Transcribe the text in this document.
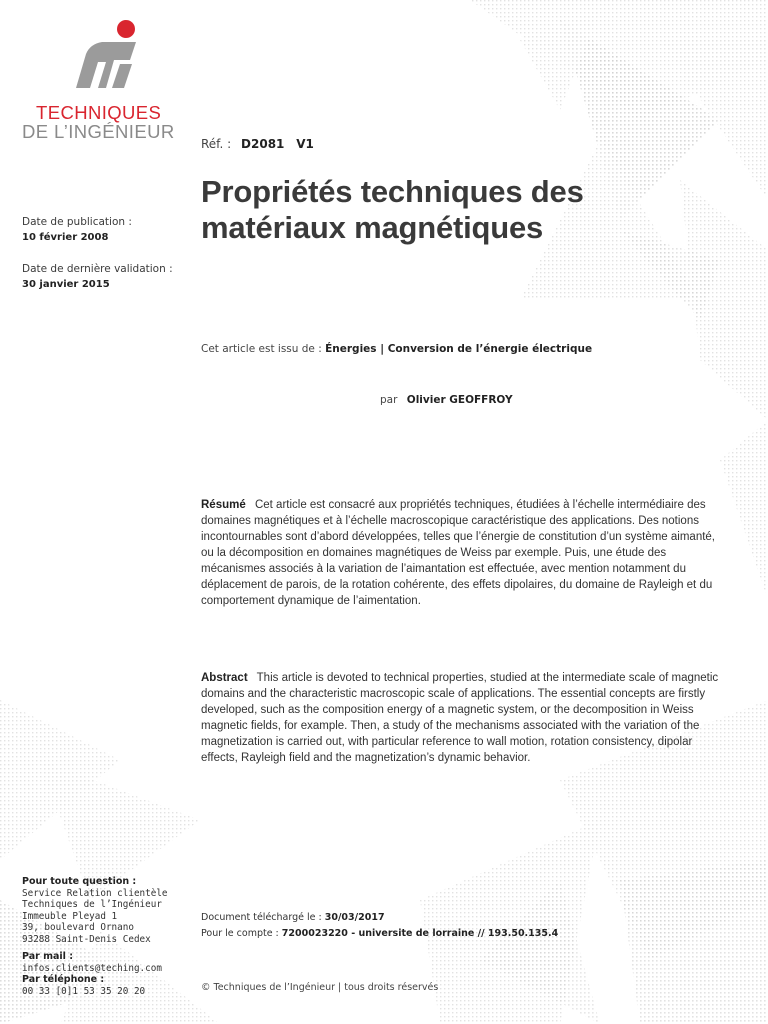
TECHNIQUES
DE L’INGÉNIEUR
Réf. : D2081 V1
Propriétés techniques des matériaux magnétiques
Date de publication :
10 février 2008
Date de dernière validation :
30 janvier 2015
Cet article est issu de : Énergies | Conversion de l’énergie électrique
par Olivier GEOFFROY
Résumé Cet article est consacré aux propriétés techniques, étudiées à l’échelle intermédiaire des domaines magnétiques et à l’échelle macroscopique caractéristique des applications. Des notions incontournables sont d’abord développées, telles que l’énergie de constitution d’un système aimanté, ou la décomposition en domaines magnétiques de Weiss par exemple. Puis, une étude des mécanismes associés à la variation de l’aimantation est effectuée, avec mention notamment du déplacement de parois, de la rotation cohérente, des effets dipolaires, du domaine de Rayleigh et du comportement dynamique de l’aimentation.
Abstract This article is devoted to technical properties, studied at the intermediate scale of magnetic domains and the characteristic macroscopic scale of applications. The essential concepts are firstly developed, such as the composition energy of a magnetic system, or the decomposition in Weiss magnetic fields, for example. Then, a study of the mechanisms associated with the variation of the magnetization is carried out, with particular reference to wall motion, rotation consistency, dipolar effects, Rayleigh field and the magnetization’s dynamic behavior.
Pour toute question :
Service Relation clientèle
Techniques de l’Ingénieur
Immeuble Pleyad 1
39, boulevard Ornano
93288 Saint-Denis Cedex
Par mail :
infos.clients@teching.com
Par téléphone :
00 33 [0]1 53 35 20 20
Document téléchargé le : 30/03/2017
Pour le compte : 7200023220 - universite de lorraine // 193.50.135.4
© Techniques de l’Ingénieur | tous droits réservés
